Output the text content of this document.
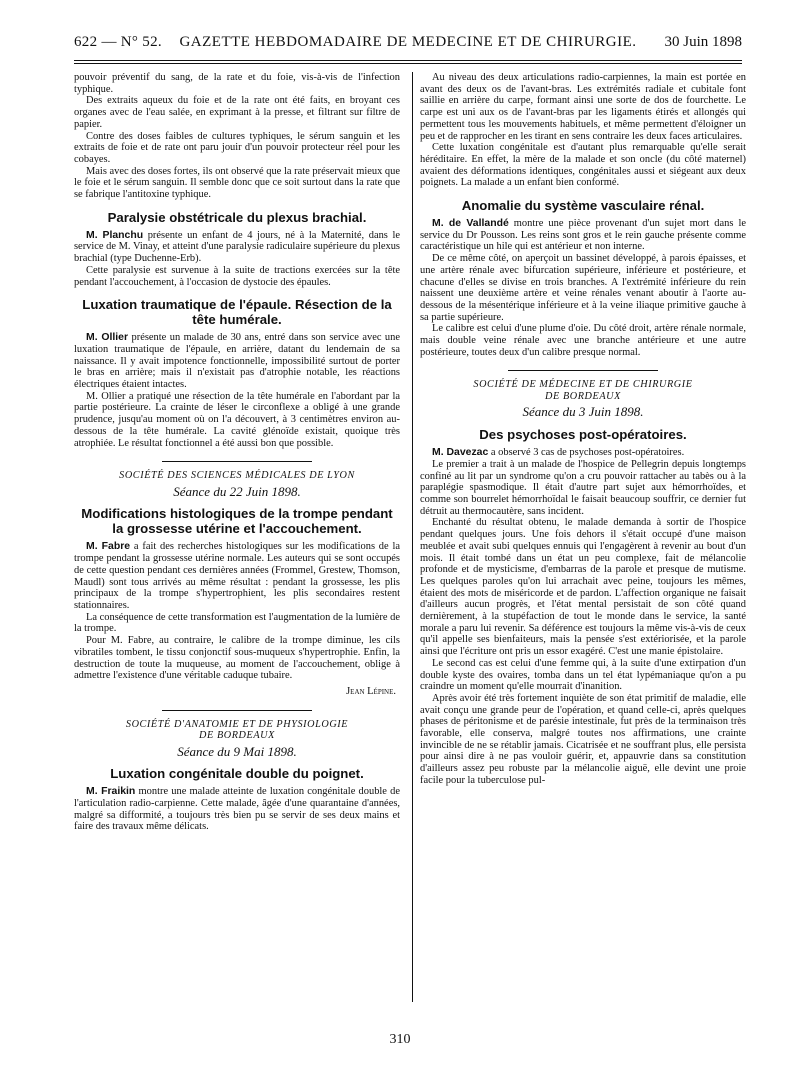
622 — N° 52.	GAZETTE HEBDOMADAIRE DE MEDECINE ET DE CHIRURGIE.	30 Juin 1898

pouvoir préventif du sang, de la rate et du foie, vis-à-vis de l'infection typhique.

Des extraits aqueux du foie et de la rate ont été faits, en broyant ces organes avec de l'eau salée, en exprimant à la presse, et filtrant sur filtre de papier.

Contre des doses faibles de cultures typhiques, le sérum sanguin et les extraits de foie et de rate ont paru jouir d'un pouvoir protecteur réel pour les cobayes.

Mais avec des doses fortes, ils ont observé que la rate préservait mieux que le foie et le sérum sanguin. Il semble donc que ce soit surtout dans la rate que se fabrique l'antitoxine typhique.

Paralysie obstétricale du plexus brachial.

M. Planchu présente un enfant de 4 jours, né à la Maternité, dans le service de M. Vinay, et atteint d'une paralysie radiculaire supérieure du plexus brachial (type Duchenne-Erb).

Cette paralysie est survenue à la suite de tractions exercées sur la tête pendant l'accouchement, à l'occasion de dystocie des épaules.

Luxation traumatique de l'épaule. Résection de la tête humérale.

M. Ollier présente un malade de 30 ans, entré dans son service avec une luxation traumatique de l'épaule, en arrière, datant du lendemain de sa naissance. Il y avait impotence fonctionnelle, impossibilité surtout de porter le bras en arrière; mais il n'existait pas d'atrophie notable, les réactions électriques étaient intactes.

M. Ollier a pratiqué une résection de la tête humérale en l'abordant par la partie postérieure. La crainte de léser le circonflexe a obligé à une grande prudence, jusqu'au moment où on l'a découvert, à 3 centimètres environ au-dessous de la tête humérale. La cavité glénoïde existait, quoique très atrophiée. Le résultat fonctionnel a été aussi bon que possible.

SOCIÉTÉ DES SCIENCES MÉDICALES DE LYON
Séance du 22 Juin 1898.
Modifications histologiques de la trompe pendant la grossesse utérine et l'accouchement.

M. Fabre a fait des recherches histologiques sur les modifications de la trompe pendant la grossesse utérine normale. Les auteurs qui se sont occupés de cette question pendant ces dernières années (Frommel, Grestew, Thomson, Maudl) sont tous arrivés au même résultat : pendant la grossesse, les plis principaux de la trompe s'hypertrophient, les plis secondaires restent stationnaires.

La conséquence de cette transformation est l'augmentation de la lumière de la trompe.

Pour M. Fabre, au contraire, le calibre de la trompe diminue, les cils vibratiles tombent, le tissu conjonctif sous-muqueux s'hypertrophie. Enfin, la destruction de toute la muqueuse, au moment de l'accouchement, oblige à admettre l'existence d'une véritable caduque tubaire.

Jean Lépine.
SOCIÉTÉ D'ANATOMIE ET DE PHYSIOLOGIE
DE BORDEAUX
Séance du 9 Mai 1898.
Luxation congénitale double du poignet.

M. Fraikin montre une malade atteinte de luxation congénitale double de l'articulation radio-carpienne. Cette malade, âgée d'une quarantaine d'années, malgré sa difformité, a toujours très bien pu se servir de ses deux mains et faire des travaux même délicats.

Au niveau des deux articulations radio-carpiennes, la main est portée en avant des deux os de l'avant-bras. Les extrémités radiale et cubitale font saillie en arrière du carpe, formant ainsi une sorte de dos de fourchette. Le carpe est uni aux os de l'avant-bras par les ligaments étirés et allongés qui permettent tous les mouvements habituels, et même permettent d'éloigner un peu et de rapprocher en les tirant en sens contraire les deux faces articulaires.

Cette luxation congénitale est d'autant plus remarquable qu'elle serait héréditaire. En effet, la mère de la malade et son oncle (du côté maternel) avaient des déformations identiques, congénitales aussi et siégeant aux deux poignets. La malade a un enfant bien conformé.

Anomalie du système vasculaire rénal.

M. de Vallandé montre une pièce provenant d'un sujet mort dans le service du Dr Pousson. Les reins sont gros et le rein gauche présente comme caractéristique un hile qui est antérieur et non interne.

De ce même côté, on aperçoit un bassinet développé, à parois épaisses, et une artère rénale avec bifurcation supérieure, inférieure et postérieure, et chacune d'elles se divise en trois branches. A l'extrémité inférieure du rein naissent une deuxième artère et veine rénales venant aboutir à l'aorte au-dessous de la mésentérique inférieure et à la veine iliaque primitive gauche à sa partie supérieure.

Le calibre est celui d'une plume d'oie. Du côté droit, artère rénale normale, mais double veine rénale avec une branche antérieure et une autre postérieure, toutes deux d'un calibre presque normal.

SOCIÉTÉ DE MÉDECINE ET DE CHIRURGIE
DE BORDEAUX
Séance du 3 Juin 1898.
Des psychoses post-opératoires.

M. Davezac a observé 3 cas de psychoses post-opératoires.

Le premier a trait à un malade de l'hospice de Pellegrin depuis longtemps confiné au lit par un syndrome qu'on a cru pouvoir rattacher au tabès ou à la paraplégie spasmodique. Il était d'autre part sujet aux hémorrhoïdes, et comme son bourrelet hémorrhoïdal le faisait beaucoup souffrir, ce dernier fut détruit au thermocautère, sans incident.

Enchanté du résultat obtenu, le malade demanda à sortir de l'hospice pendant quelques jours. Une fois dehors il s'était occupé d'une maison meublée et avait subi quelques ennuis qui l'engagèrent à revenir au bout d'un mois. Il était tombé dans un état un peu complexe, fait de mélancolie profonde et de mysticisme, d'embarras de la parole et presque de mutisme. Les quelques paroles qu'on lui arrachait avec peine, toujours les mêmes, étaient des mots de miséricorde et de pardon. L'affection organique ne faisait d'ailleurs aucun progrès, et l'état mental persistait de son côté quand dernièrement, à la stupéfaction de tout le monde dans le service, la santé morale a paru lui revenir. Sa déférence est toujours la même vis-à-vis de ceux qu'il appelle ses bienfaiteurs, mais la pensée s'est extériorisée, et la parole ainsi que l'écriture ont pris un essor exagéré. C'est une manie épistolaire.

Le second cas est celui d'une femme qui, à la suite d'une extirpation d'un double kyste des ovaires, tomba dans un tel état lypémaniaque qu'on a pu craindre un moment qu'elle mourrait d'inanition.

Après avoir été très fortement inquiète de son état primitif de maladie, elle avait conçu une grande peur de l'opération, et quand celle-ci, après quelques phases de péritonisme et de parésie intestinale, fut près de la terminaison très favorable, elle conserva, malgré toutes nos affirmations, une crainte invincible de ne se rétablir jamais. Cicatrisée et ne souffrant plus, elle persista pour ainsi dire à ne pas vouloir guérir, et, appauvrie dans sa constitution d'ailleurs assez peu robuste par la mélancolie aiguë, elle devint une proie facile pour la tuberculose pul-

310
